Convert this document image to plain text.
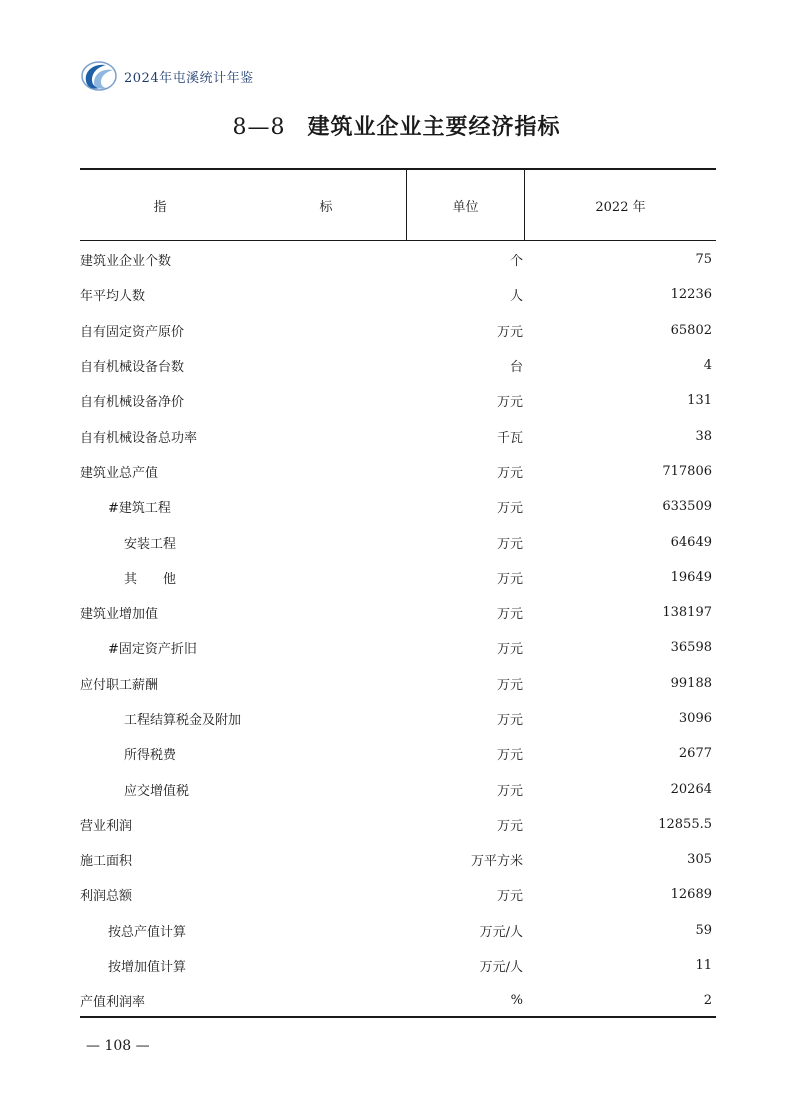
2024年屯溪统计年鉴
8—8 建筑业企业主要经济指标
指　标	单位	2022 年
建筑业企业个数	个	75
年平均人数	人	12236
自有固定资产原价	万元	65802
自有机械设备台数	台	4
自有机械设备净价	万元	131
自有机械设备总功率	千瓦	38
建筑业总产值	万元	717806
#建筑工程	万元	633509
安装工程	万元	64649
其　　他	万元	19649
建筑业增加值	万元	138197
#固定资产折旧	万元	36598
应付职工薪酬	万元	99188
工程结算税金及附加	万元	3096
所得税费	万元	2677
应交增值税	万元	20264
营业利润	万元	12855.5
施工面积	万平方米	305
利润总额	万元	12689
按总产值计算	万元/人	59
按增加值计算	万元/人	11
产值利润率	%	2
— 108 —
